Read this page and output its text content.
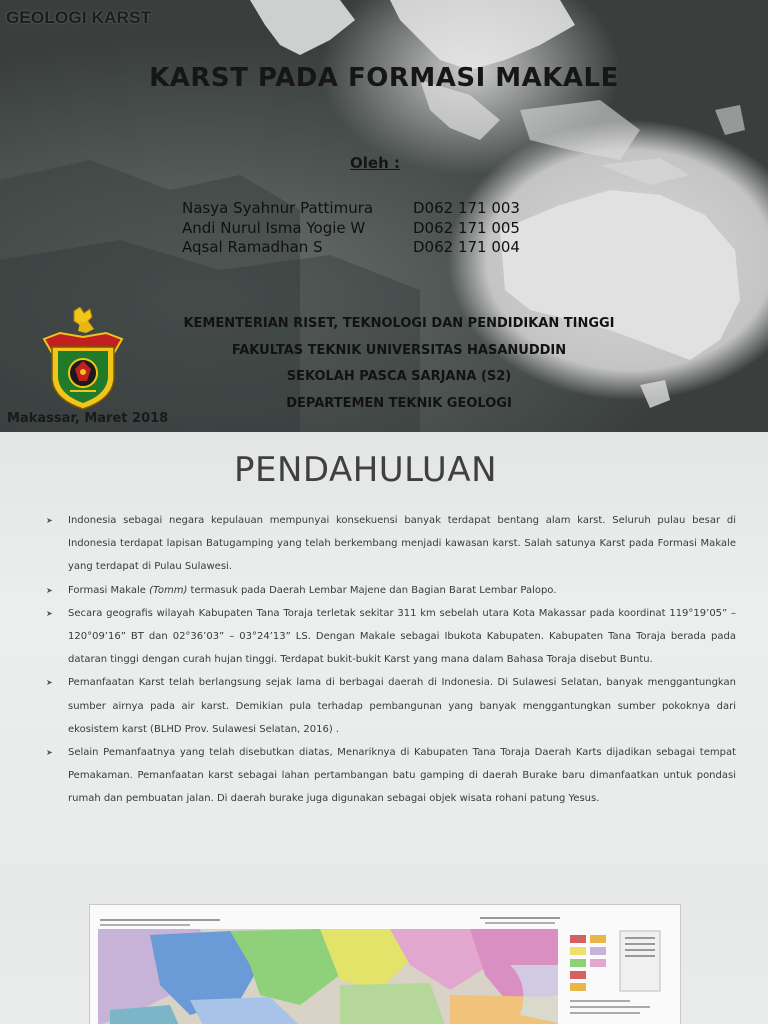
GEOLOGI KARST
KARST PADA FORMASI MAKALE
Oleh :
Nasya Syahnur Pattimura	D062 171 003
Andi Nurul Isma Yogie W	D062 171 005
Aqsal Ramadhan S	D062 171 004
KEMENTERIAN RISET, TEKNOLOGI DAN PENDIDIKAN TINGGI
FAKULTAS TEKNIK UNIVERSITAS HASANUDDIN
SEKOLAH PASCA SARJANA (S2)
DEPARTEMEN TEKNIK GEOLOGI
Makassar, Maret 2018
PENDAHULUAN
➤ Indonesia sebagai negara kepulauan mempunyai konsekuensi banyak terdapat bentang alam karst. Seluruh pulau besar di Indonesia terdapat lapisan Batugamping yang telah berkembang menjadi kawasan karst. Salah satunya Karst pada Formasi Makale yang terdapat di Pulau Sulawesi.
➤ Formasi Makale (Tomm) termasuk pada Daerah Lembar Majene dan Bagian Barat Lembar Palopo.
➤ Secara geografis wilayah Kabupaten Tana Toraja terletak sekitar 311 km sebelah utara Kota Makassar pada koordinat 119°19’05” – 120°09’16” BT dan 02°36’03” – 03°24’13” LS. Dengan Makale sebagai Ibukota Kabupaten. Kabupaten Tana Toraja berada pada dataran tinggi dengan curah hujan tinggi. Terdapat bukit-bukit Karst yang mana dalam Bahasa Toraja disebut Buntu.
➤ Pemanfaatan Karst telah berlangsung sejak lama di berbagai daerah di Indonesia. Di Sulawesi Selatan, banyak menggantungkan sumber airnya pada air karst. Demikian pula terhadap pembangunan yang banyak menggantungkan sumber pokoknya dari ekosistem karst (BLHD Prov. Sulawesi Selatan, 2016) .
➤ Selain Pemanfaatnya yang telah disebutkan diatas, Menariknya di Kabupaten Tana Toraja Daerah Karts dijadikan sebagai tempat Pemakaman. Pemanfaatan karst sebagai lahan pertambangan batu gamping di daerah Burake baru dimanfaatkan untuk pondasi rumah dan pembuatan jalan. Di daerah burake juga digunakan sebagai objek wisata rohani patung Yesus.
